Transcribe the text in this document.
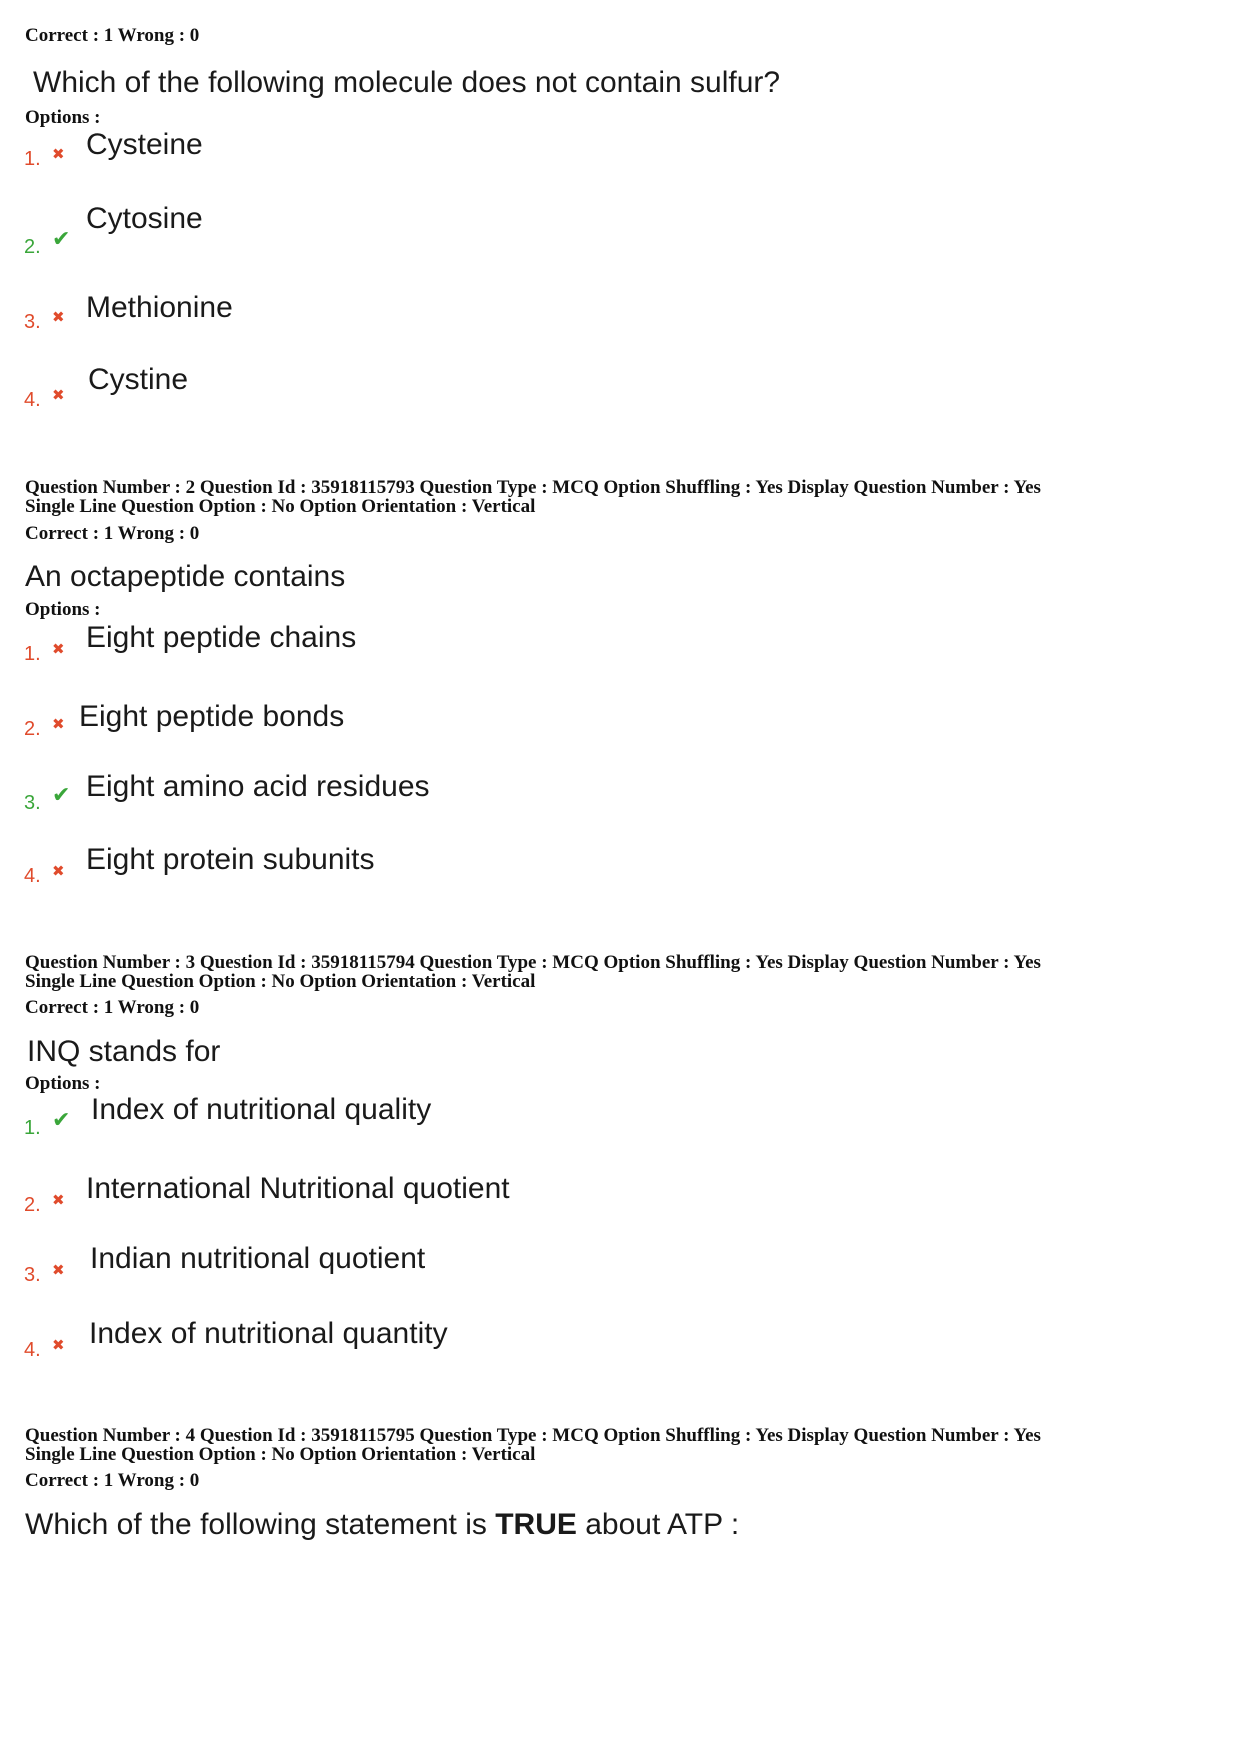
Correct : 1 Wrong : 0
Which of the following molecule does not contain sulfur?
Options :
1. ✖ Cysteine
2. ✔
Cytosine
3. ✖ Methionine
4. ✖ Cystine
Question Number : 2 Question Id : 35918115793 Question Type : MCQ Option Shuffling : Yes Display Question Number : Yes
Single Line Question Option : No Option Orientation : Vertical
Correct : 1 Wrong : 0
An octapeptide contains
Options :
1. ✖ Eight peptide chains
2. ✖ Eight peptide bonds
3. ✔ Eight amino acid residues
4. ✖ Eight protein subunits
Question Number : 3 Question Id : 35918115794 Question Type : MCQ Option Shuffling : Yes Display Question Number : Yes
Single Line Question Option : No Option Orientation : Vertical
Correct : 1 Wrong : 0
INQ stands for
Options :
1. ✔ Index of nutritional quality
2. ✖ International Nutritional quotient
3. ✖ Indian nutritional quotient
4. ✖ Index of nutritional quantity
Question Number : 4 Question Id : 35918115795 Question Type : MCQ Option Shuffling : Yes Display Question Number : Yes
Single Line Question Option : No Option Orientation : Vertical
Correct : 1 Wrong : 0
Which of the following statement is TRUE about ATP :
